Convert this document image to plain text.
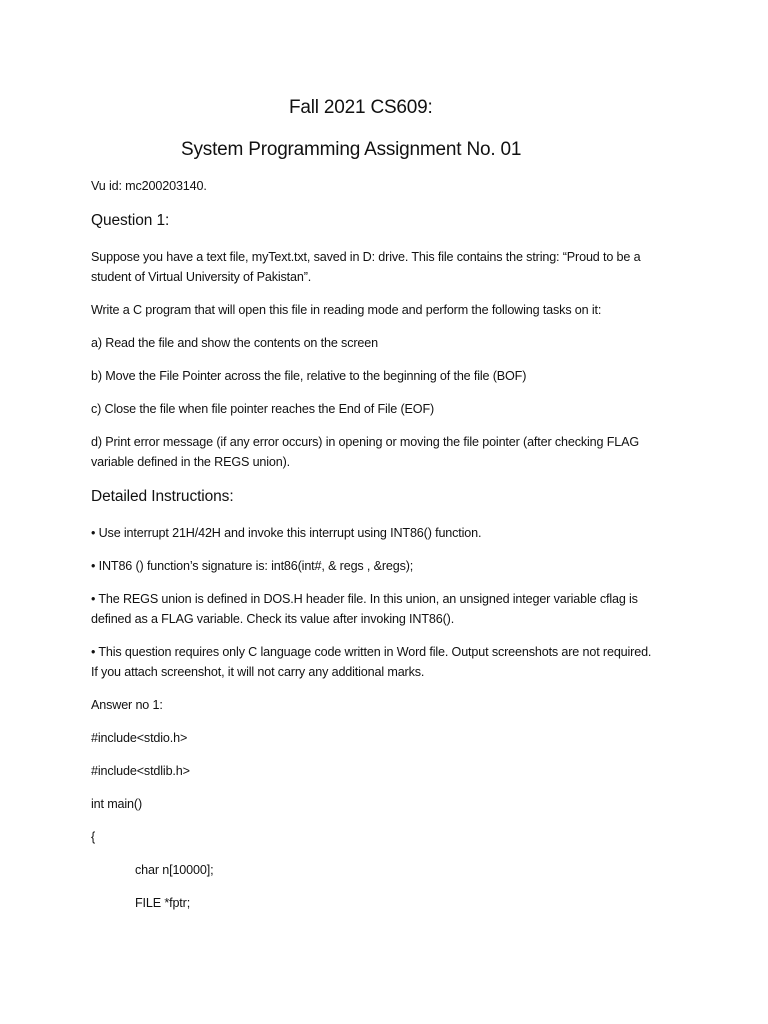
Fall 2021 CS609:
System Programming Assignment No. 01
Vu id: mc200203140.
Question 1:
Suppose you have a text file, myText.txt, saved in D: drive. This file contains the string: “Proud to be a
student of Virtual University of Pakistan”.
Write a C program that will open this file in reading mode and perform the following tasks on it:
a) Read the file and show the contents on the screen
b) Move the File Pointer across the file, relative to the beginning of the file (BOF)
c) Close the file when file pointer reaches the End of File (EOF)
d) Print error message (if any error occurs) in opening or moving the file pointer (after checking FLAG
variable defined in the REGS union).
Detailed Instructions:
• Use interrupt 21H/42H and invoke this interrupt using INT86() function.
• INT86 () function’s signature is: int86(int#, & regs , &regs);
• The REGS union is defined in DOS.H header file. In this union, an unsigned integer variable cflag is
defined as a FLAG variable. Check its value after invoking INT86().
• This question requires only C language code written in Word file. Output screenshots are not required.
If you attach screenshot, it will not carry any additional marks.
Answer no 1:
#include<stdio.h>
#include<stdlib.h>
int main()
{
char n[10000];
FILE *fptr;
